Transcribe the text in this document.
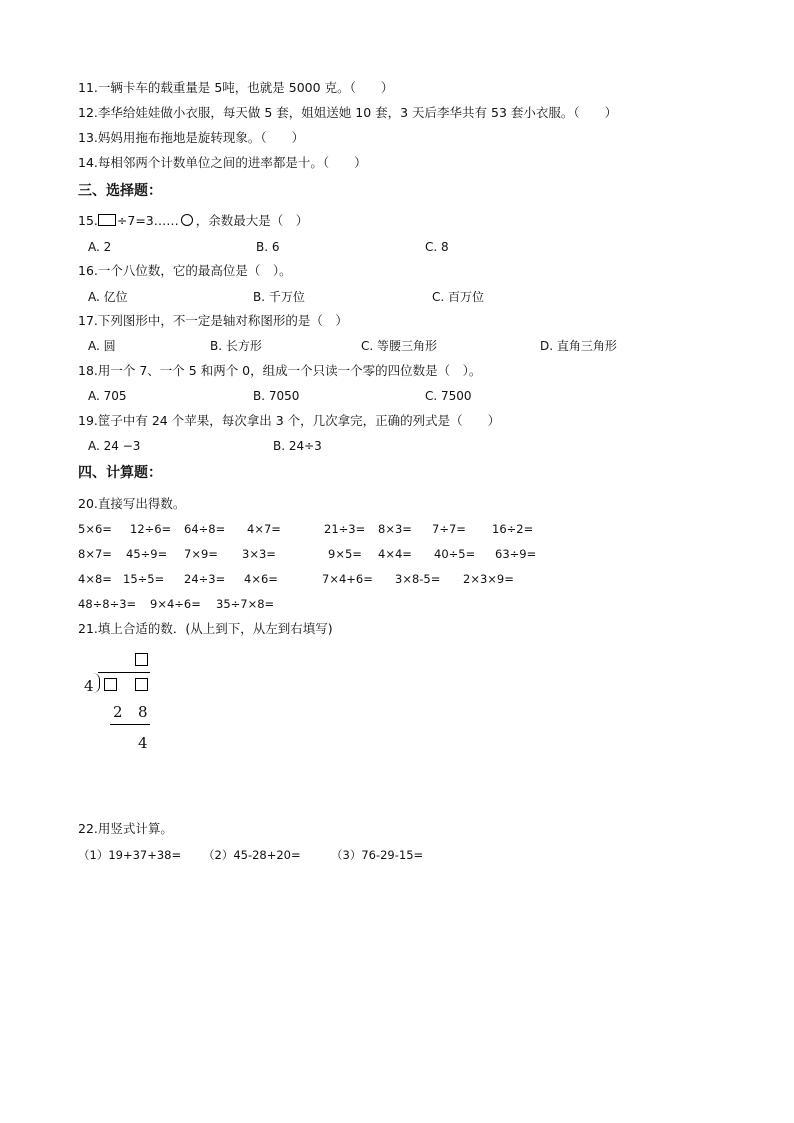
11.一辆卡车的载重量是 5吨，也就是 5000 克。（　　）
12.李华给娃娃做小衣服，每天做 5 套，姐姐送她 10 套，3 天后李华共有 53 套小衣服。（　　）
13.妈妈用拖布拖地是旋转现象。（　　）
14.每相邻两个计数单位之间的进率都是十。（　　）
三、选择题：
15. ÷7=3…… ，余数最大是（　）
A. 2	B. 6	C. 8
16.一个八位数，它的最高位是（　）。
A. 亿位	B. 千万位	C. 百万位
17.下列图形中，不一定是轴对称图形的是（　）
A. 圆	B. 长方形	C. 等腰三角形	D. 直角三角形
18.用一个 7、一个 5 和两个 0，组成一个只读一个零的四位数是（　）。
A. 705	B. 7050	C. 7500
19.筐子中有 24 个苹果，每次拿出 3 个，几次拿完，正确的列式是（　　）
A. 24 −3	B. 24÷3
四、计算题：
20.直接写出得数。
5×6= 12÷6= 64÷8= 4×7=	21÷3= 8×3= 7÷7= 16÷2=
8×7= 45÷9= 7×9= 3×3=	9×5= 4×4= 40÷5= 63÷9=
4×8= 15÷5= 24÷3= 4×6=	7×4+6= 3×8-5= 2×3×9=
48÷8÷3= 9×4÷6= 35÷7×8=
21.填上合适的数．(从上到下，从左到右填写)
4
2 8
4
22.用竖式计算。
（1）19+37+38= （2）45-28+20=	（3）76-29-15=
